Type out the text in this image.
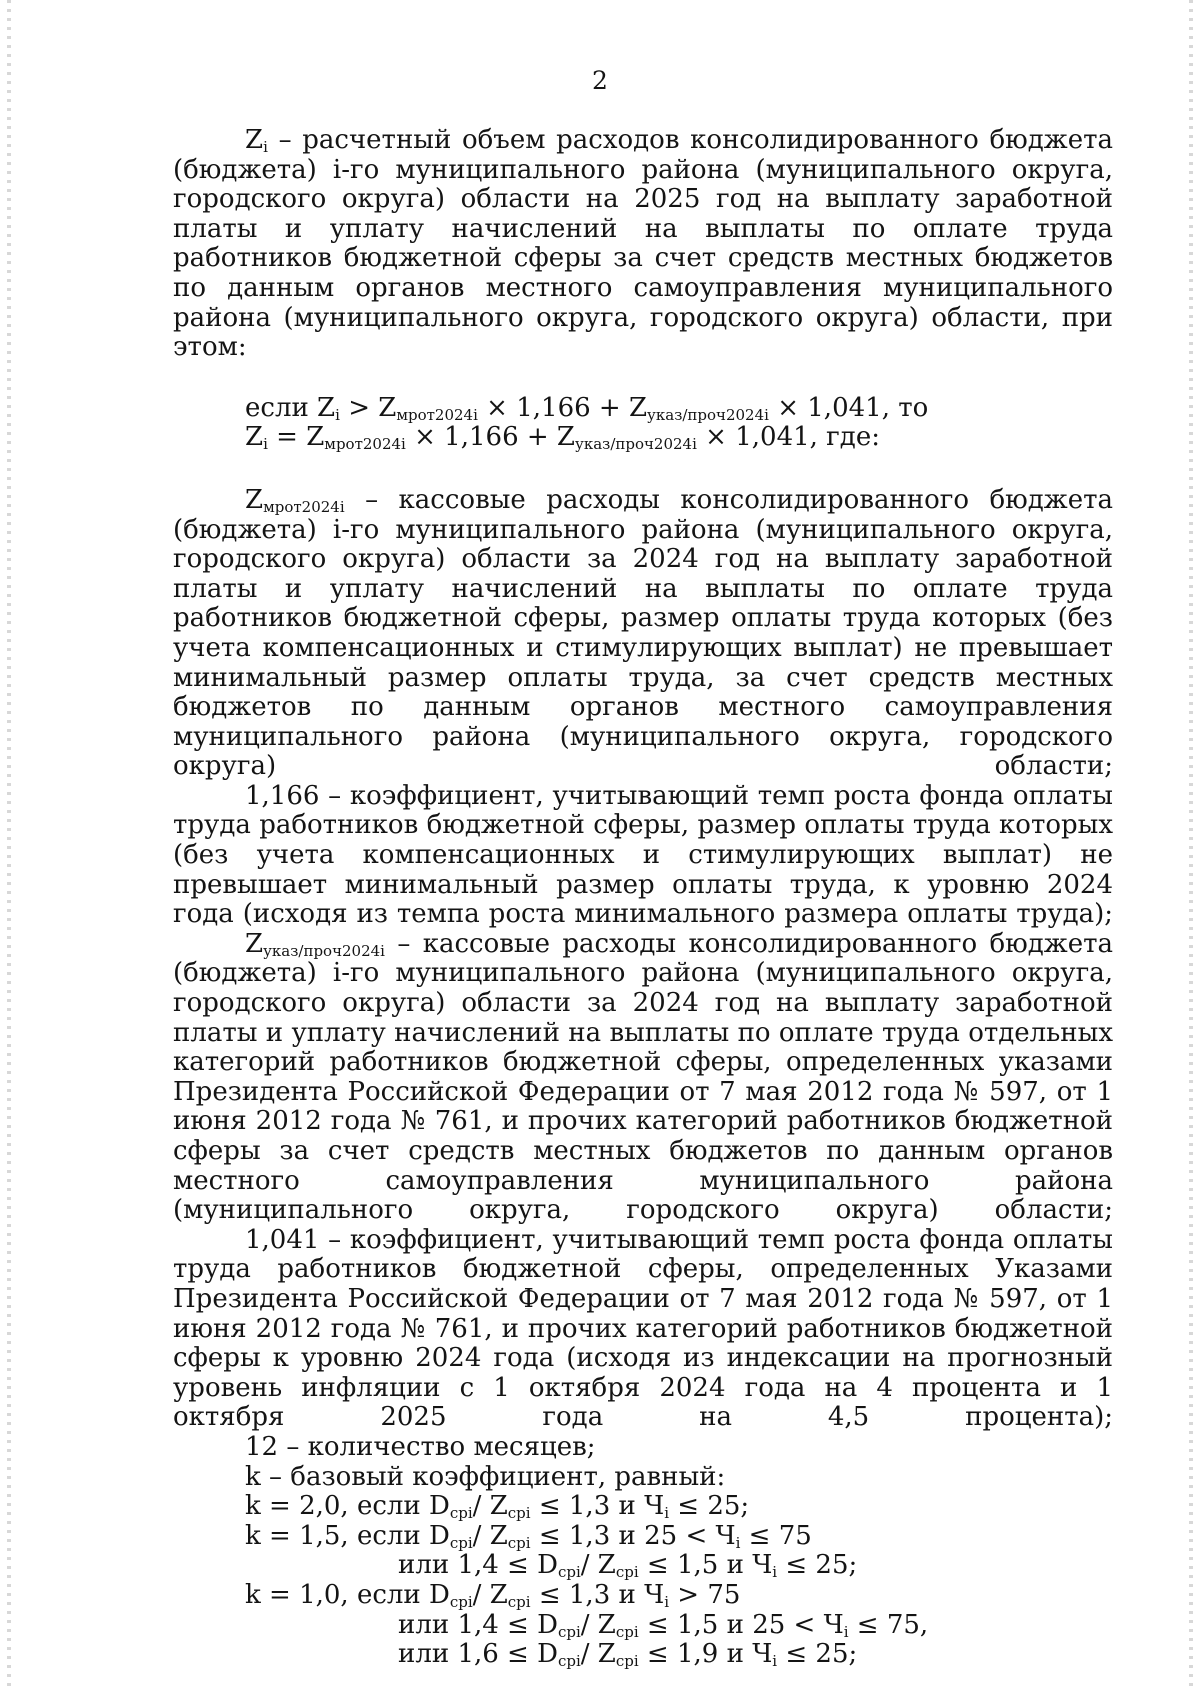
2

$Z_i$ – расчетный объем расходов консолидированного бюджета (бюджета) i-го муниципального района (муниципального округа, городского округа) области на 2025 год на выплату заработной платы и уплату начислений на выплаты по оплате труда работников бюджетной сферы за счет средств местных бюджетов по данным органов местного самоуправления муниципального района (муниципального округа, городского округа) области, при этом:

если $Z_i > Z_{мрот2024i} \times 1,166 + Z_{указ/проч2024i} \times 1,041$, то

$Z_i = Z_{мрот2024i} \times 1,166 + Z_{указ/проч2024i} \times 1,041$, где:

$Z_{мрот2024i}$ – кассовые расходы консолидированного бюджета (бюджета) i-го муниципального района (муниципального округа, городского округа) области за 2024 год на выплату заработной платы и уплату начислений на выплаты по оплате труда работников бюджетной сферы, размер оплаты труда которых (без учета компенсационных и стимулирующих выплат) не превышает минимальный размер оплаты труда, за счет средств местных бюджетов по данным органов местного самоуправления муниципального района (муниципального округа, городского округа) области;

1,166 – коэффициент, учитывающий темп роста фонда оплаты труда работников бюджетной сферы, размер оплаты труда которых (без учета компенсационных и стимулирующих выплат) не превышает минимальный размер оплаты труда, к уровню 2024 года (исходя из темпа роста минимального размера оплаты труда);

$Z_{указ/проч2024i}$ – кассовые расходы консолидированного бюджета (бюджета) i-го муниципального района (муниципального округа, городского округа) области за 2024 год на выплату заработной платы и уплату начислений на выплаты по оплате труда отдельных категорий работников бюджетной сферы, определенных указами Президента Российской Федерации от 7 мая 2012 года № 597, от 1 июня 2012 года № 761, и прочих категорий работников бюджетной сферы за счет средств местных бюджетов по данным органов местного самоуправления муниципального района (муниципального округа, городского округа) области;

1,041 – коэффициент, учитывающий темп роста фонда оплаты труда работников бюджетной сферы, определенных Указами Президента Российской Федерации от 7 мая 2012 года № 597, от 1 июня 2012 года № 761, и прочих категорий работников бюджетной сферы к уровню 2024 года (исходя из индексации на прогнозный уровень инфляции с 1 октября 2024 года на 4 процента и 1 октября 2025 года на 4,5 процента);

12 – количество месяцев;

k – базовый коэффициент, равный:

k = 2,0, если $D_{cpi}/$ $Z_{cpi} \le 1,3$ и $Ч_i \le 25$;

k = 1,5, если $D_{cpi}/$ $Z_{cpi} \le 1,3$ и $25 < Ч_i \le 75$

или $1,4 \le D_{cpi}/$ $Z_{cpi} \le 1,5$ и $Ч_i \le 25$;

k = 1,0, если $D_{cpi}/$ $Z_{cpi} \le 1,3$ и $Ч_i > 75$

или $1,4 \le D_{cpi}/$ $Z_{cpi} \le 1,5$ и $25 < Ч_i \le 75$,

или $1,6 \le D_{cpi}/$ $Z_{cpi} \le 1,9$ и $Ч_i \le 25$;
